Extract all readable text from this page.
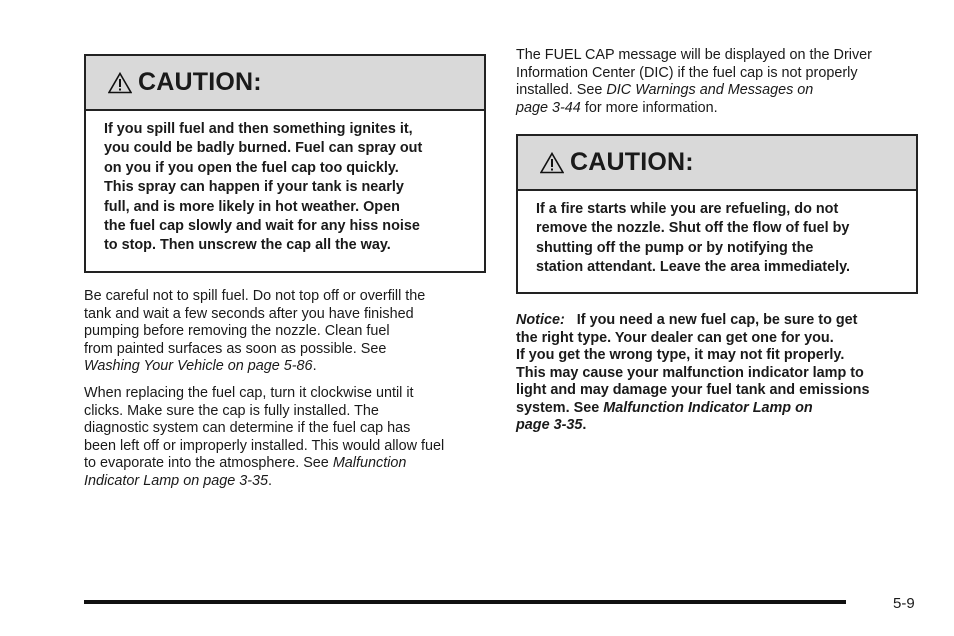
CAUTION:
If you spill fuel and then something ignites it,
you could be badly burned. Fuel can spray out
on you if you open the fuel cap too quickly.
This spray can happen if your tank is nearly
full, and is more likely in hot weather. Open
the fuel cap slowly and wait for any hiss noise
to stop. Then unscrew the cap all the way.
Be careful not to spill fuel. Do not top off or overfill the
tank and wait a few seconds after you have finished
pumping before removing the nozzle. Clean fuel
from painted surfaces as soon as possible. See
Washing Your Vehicle on page 5-86.
When replacing the fuel cap, turn it clockwise until it
clicks. Make sure the cap is fully installed. The
diagnostic system can determine if the fuel cap has
been left off or improperly installed. This would allow fuel
to evaporate into the atmosphere. See Malfunction
Indicator Lamp on page 3-35.
The FUEL CAP message will be displayed on the Driver
Information Center (DIC) if the fuel cap is not properly
installed. See DIC Warnings and Messages on
page 3-44 for more information.
CAUTION:
If a fire starts while you are refueling, do not
remove the nozzle. Shut off the flow of fuel by
shutting off the pump or by notifying the
station attendant. Leave the area immediately.
Notice: If you need a new fuel cap, be sure to get
the right type. Your dealer can get one for you.
If you get the wrong type, it may not fit properly.
This may cause your malfunction indicator lamp to
light and may damage your fuel tank and emissions
system. See Malfunction Indicator Lamp on
page 3-35.
5-9
